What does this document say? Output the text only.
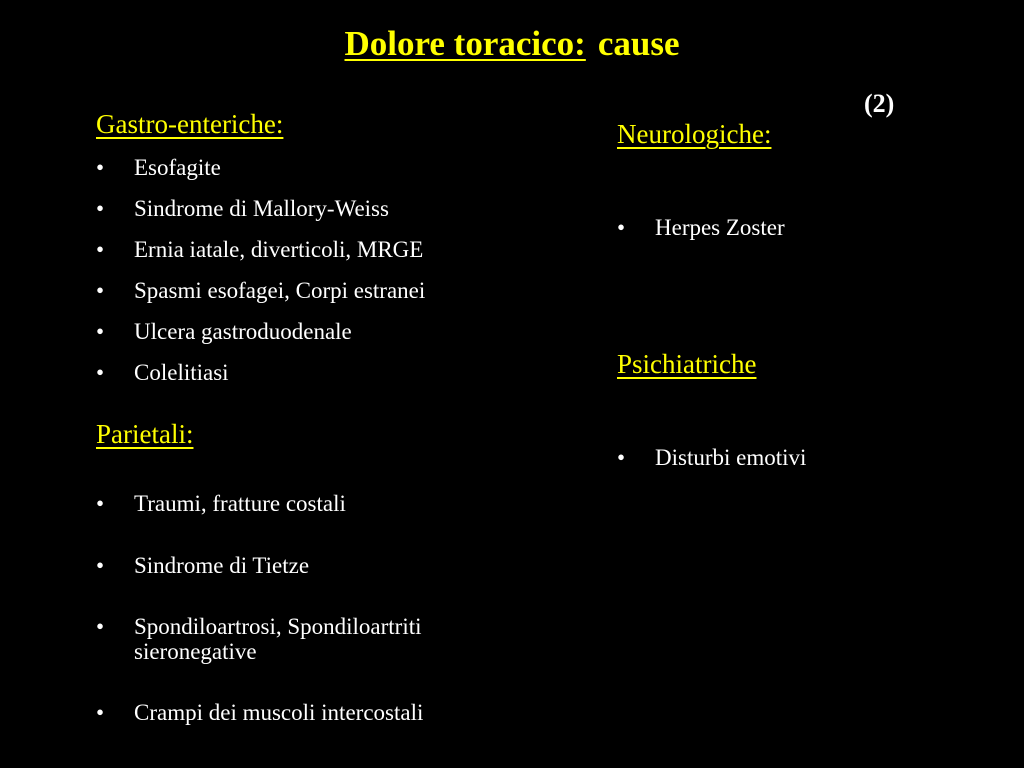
Dolore toracico: cause
(2)
Gastro-enteriche:
• Esofagite
• Sindrome di Mallory-Weiss
• Ernia iatale, diverticoli, MRGE
• Spasmi esofagei, Corpi estranei
• Ulcera gastroduodenale
• Colelitiasi
Parietali:
• Traumi, fratture costali
• Sindrome di Tietze
• Spondiloartrosi, Spondiloartriti
sieronegative
• Crampi dei muscoli intercostali
Neurologiche:
• Herpes Zoster
Psichiatriche
• Disturbi emotivi
